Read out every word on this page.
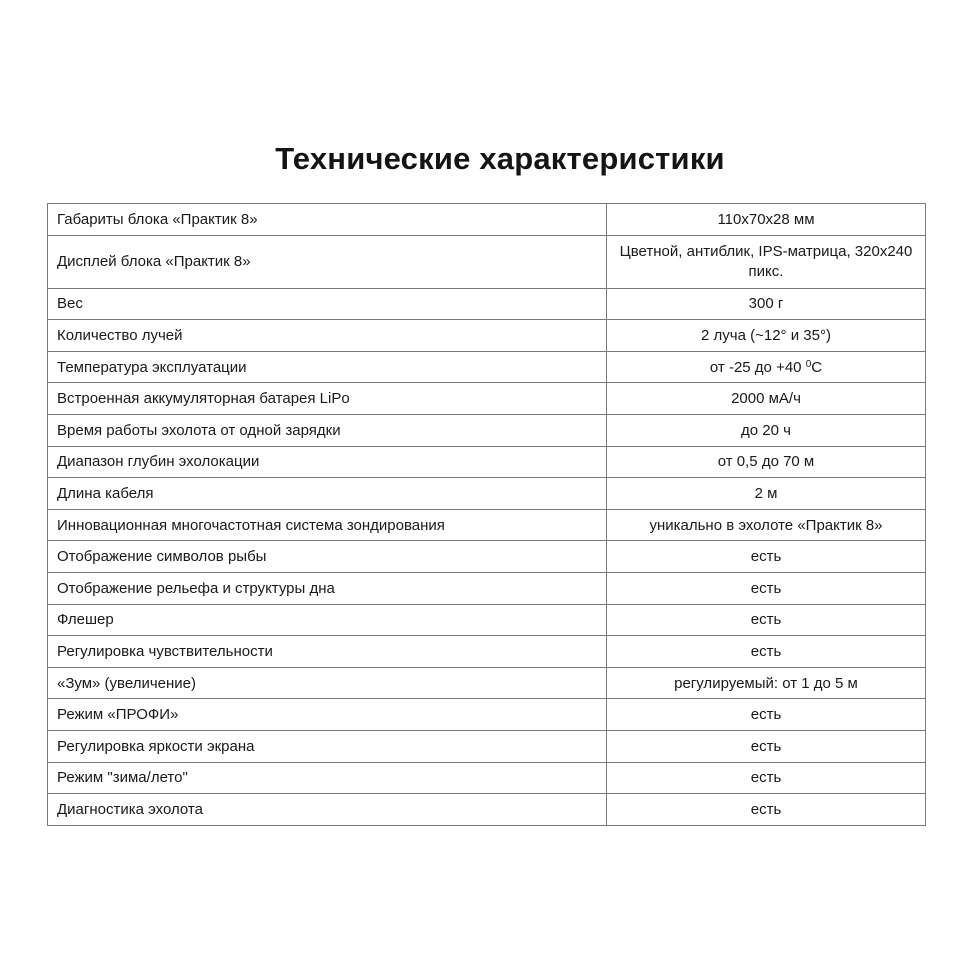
Технические характеристики
Габариты блока «Практик 8»	110х70х28 мм
Дисплей блока «Практик 8»	Цветной, антиблик, IPS-матрица, 320х240 пикс.
Вес	300 г
Количество лучей	2 луча (~12° и 35°)
Температура эксплуатации	от -25 до +40 $^0$С
Встроенная аккумуляторная батарея LiPo	2000 мА/ч
Время работы эхолота от одной зарядки	до 20 ч
Диапазон глубин эхолокации	от 0,5 до 70 м
Длина кабеля	2 м
Инновационная многочастотная система зондирования	уникально в эхолоте «Практик 8»
Отображение символов рыбы	есть
Отображение рельефа и структуры дна	есть
Флешер	есть
Регулировка чувствительности	есть
«Зум» (увеличение)	регулируемый: от 1 до 5 м
Режим «ПРОФИ»	есть
Регулировка яркости экрана	есть
Режим "зима/лето"	есть
Диагностика эхолота	есть
